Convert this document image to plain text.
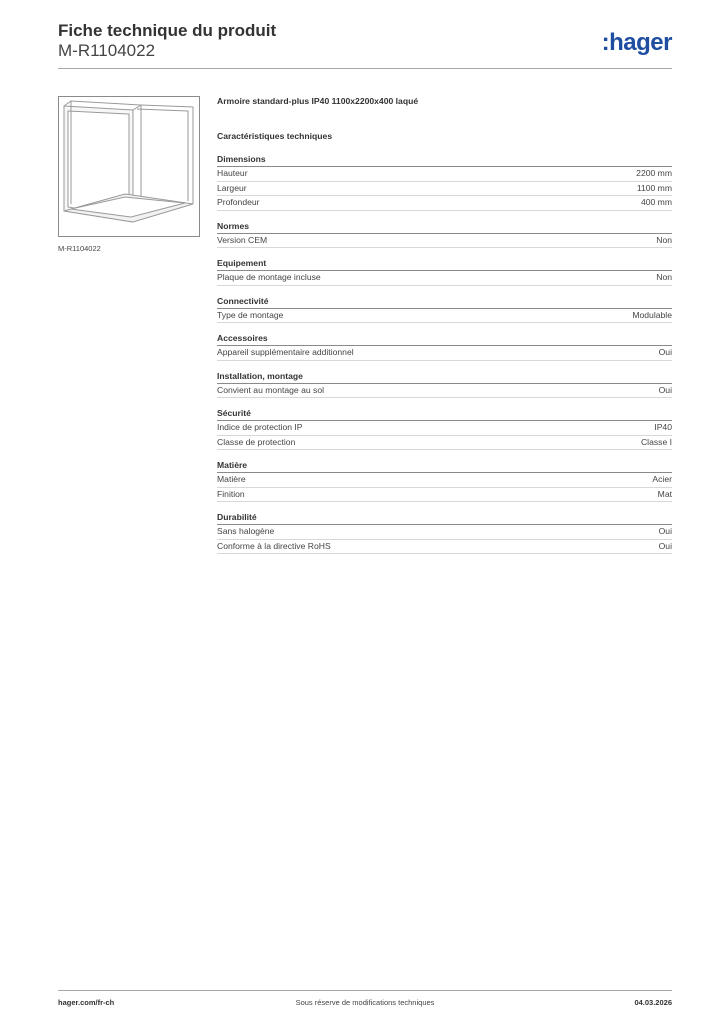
Fiche technique du produit
M-R1104022	:hager
M-R1104022
Armoire standard-plus IP40 1100x2200x400 laqué
Caractéristiques techniques
Dimensions
Hauteur	2200 mm
Largeur	1100 mm
Profondeur	400 mm
Normes
Version CEM	Non
Equipement
Plaque de montage incluse	Non
Connectivité
Type de montage	Modulable
Accessoires
Appareil supplémentaire additionnel	Oui
Installation, montage
Convient au montage au sol	Oui
Sécurité
Indice de protection IP	IP40
Classe de protection	Classe I
Matière
Matière	Acier
Finition	Mat
Durabilité
Sans halogène	Oui
Conforme à la directive RoHS	Oui
hager.com/fr-ch	Sous réserve de modifications techniques	04.03.2026
